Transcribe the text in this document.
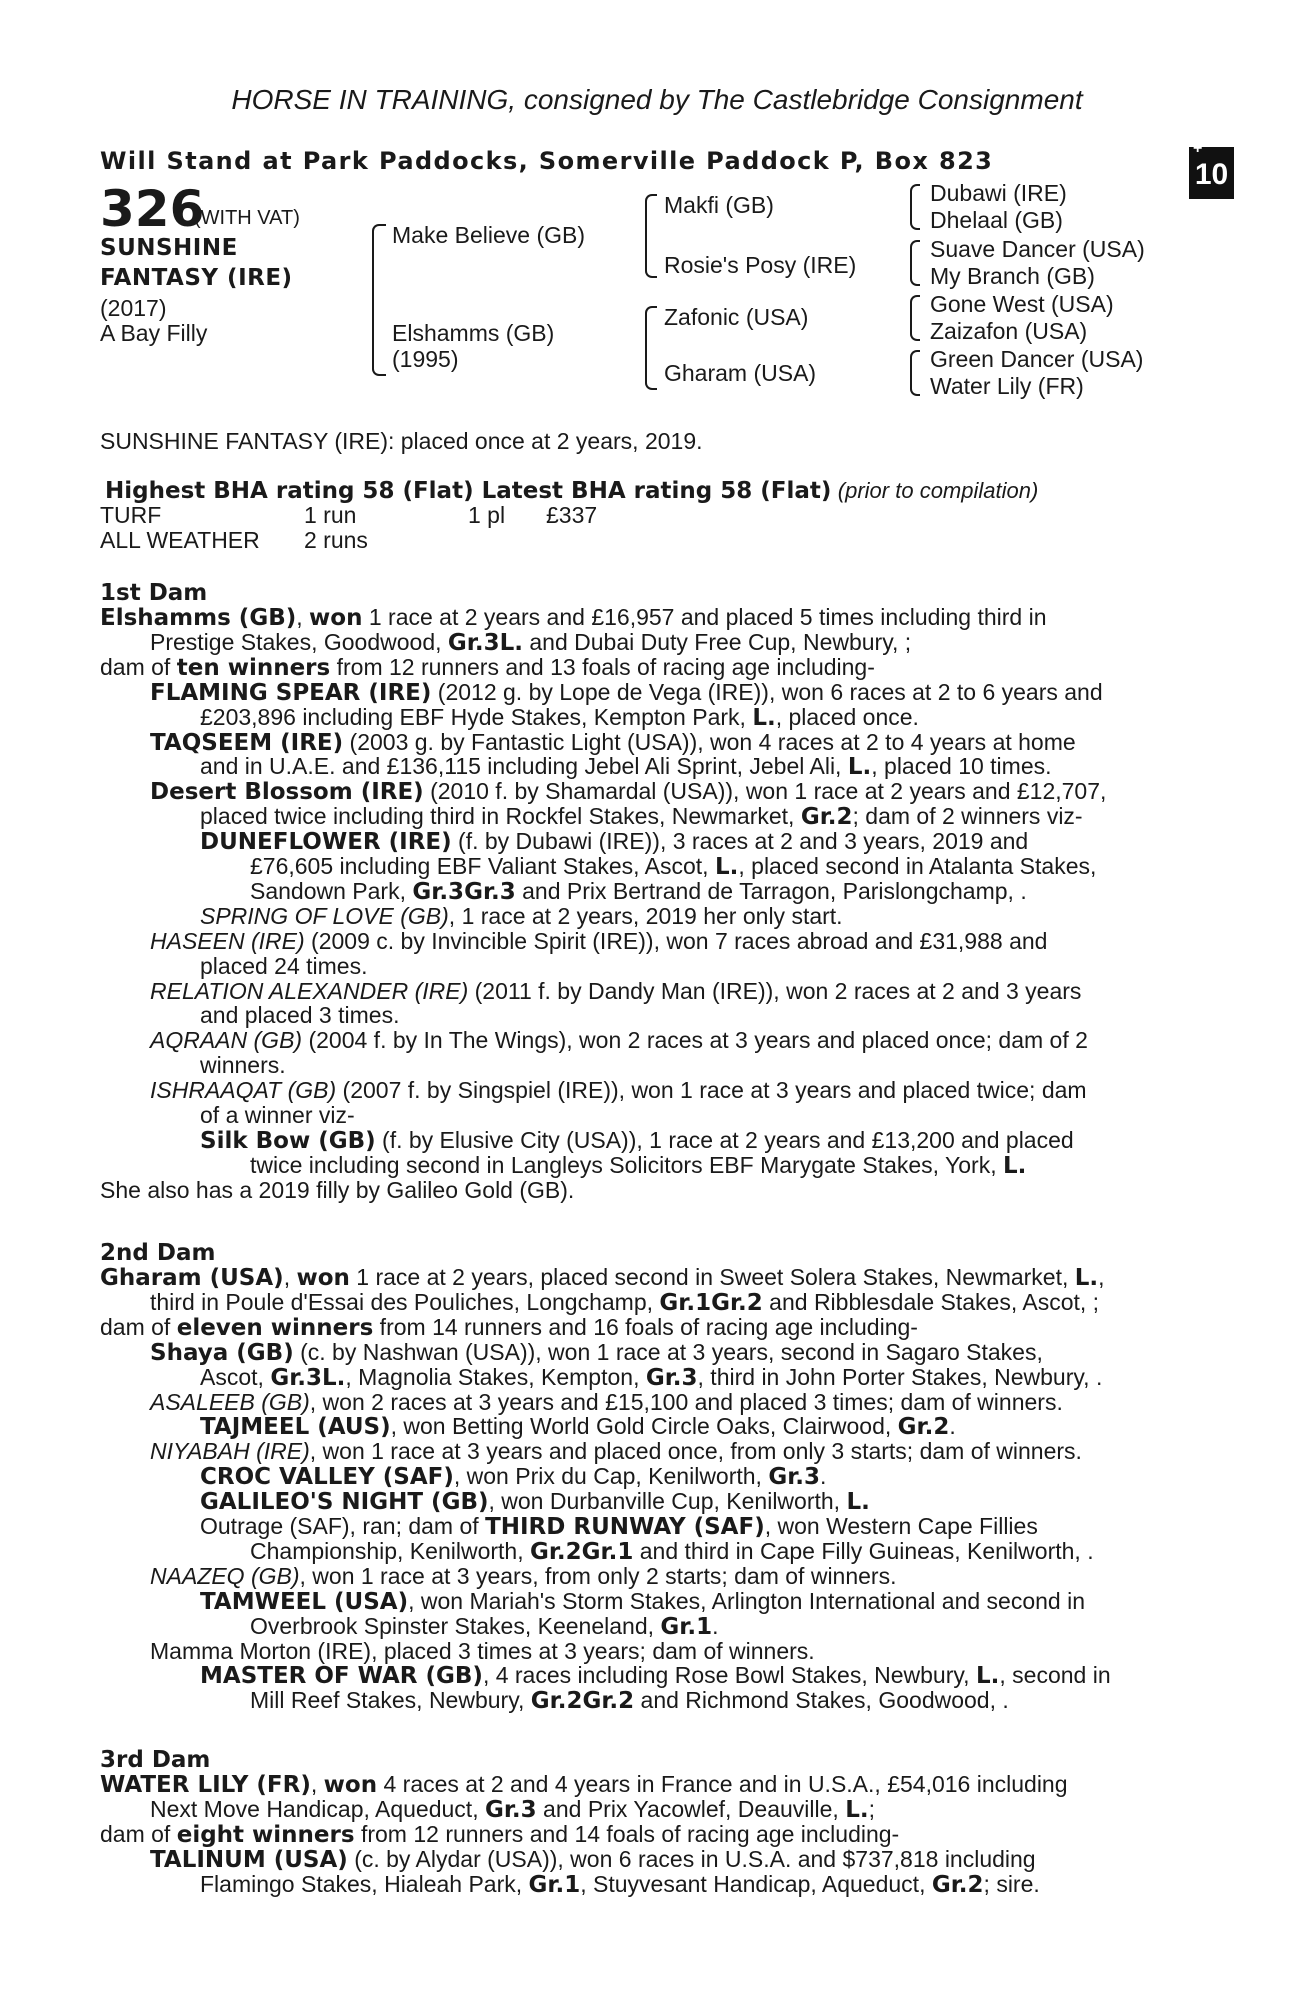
HORSE IN TRAINING, consigned by The Castlebridge Consignment
Will Stand at Park Paddocks, Somerville Paddock P, Box 823	+
10
326
(WITH VAT)
SUNSHINE
FANTASY (IRE)
(2017)
A Bay Filly
Make Believe (GB)
Elshamms (GB)
(1995)
Makfi (GB)
Rosie's Posy (IRE)
Zafonic (USA)
Gharam (USA)
Dubawi (IRE)
Dhelaal (GB)
Suave Dancer (USA)
My Branch (GB)
Gone West (USA)
Zaizafon (USA)
Green Dancer (USA)
Water Lily (FR)
SUNSHINE FANTASY (IRE): placed once at 2 years, 2019.
Highest BHA rating 58 (Flat) Latest BHA rating 58 (Flat) (prior to compilation)
TURF	1 run	1 pl £337
ALL WEATHER 2 runs
1st Dam
Elshamms (GB), won 1 race at 2 years and £16,957 and placed 5 times including third in
Prestige Stakes, Goodwood, Gr.3L. and Dubai Duty Free Cup, Newbury, ;
dam of ten winners from 12 runners and 13 foals of racing age including-
FLAMING SPEAR (IRE) (2012 g. by Lope de Vega (IRE)), won 6 races at 2 to 6 years and
£203,896 including EBF Hyde Stakes, Kempton Park, L., placed once.
TAQSEEM (IRE) (2003 g. by Fantastic Light (USA)), won 4 races at 2 to 4 years at home
and in U.A.E. and £136,115 including Jebel Ali Sprint, Jebel Ali, L., placed 10 times.
Desert Blossom (IRE) (2010 f. by Shamardal (USA)), won 1 race at 2 years and £12,707,
placed twice including third in Rockfel Stakes, Newmarket, Gr.2; dam of 2 winners viz-
DUNEFLOWER (IRE) (f. by Dubawi (IRE)), 3 races at 2 and 3 years, 2019 and
£76,605 including EBF Valiant Stakes, Ascot, L., placed second in Atalanta Stakes,
Sandown Park, Gr.3Gr.3 and Prix Bertrand de Tarragon, Parislongchamp, .
SPRING OF LOVE (GB), 1 race at 2 years, 2019 her only start.
HASEEN (IRE) (2009 c. by Invincible Spirit (IRE)), won 7 races abroad and £31,988 and
placed 24 times.
RELATION ALEXANDER (IRE) (2011 f. by Dandy Man (IRE)), won 2 races at 2 and 3 years
and placed 3 times.
AQRAAN (GB) (2004 f. by In The Wings), won 2 races at 3 years and placed once; dam of 2
winners.
ISHRAAQAT (GB) (2007 f. by Singspiel (IRE)), won 1 race at 3 years and placed twice; dam
of a winner viz-
Silk Bow (GB) (f. by Elusive City (USA)), 1 race at 2 years and £13,200 and placed
twice including second in Langleys Solicitors EBF Marygate Stakes, York, L.
She also has a 2019 filly by Galileo Gold (GB).
2nd Dam
Gharam (USA), won 1 race at 2 years, placed second in Sweet Solera Stakes, Newmarket, L.,
third in Poule d'Essai des Pouliches, Longchamp, Gr.1Gr.2 and Ribblesdale Stakes, Ascot, ;
dam of eleven winners from 14 runners and 16 foals of racing age including-
Shaya (GB) (c. by Nashwan (USA)), won 1 race at 3 years, second in Sagaro Stakes,
Ascot, Gr.3L., Magnolia Stakes, Kempton, Gr.3, third in John Porter Stakes, Newbury, .
ASALEEB (GB), won 2 races at 3 years and £15,100 and placed 3 times; dam of winners.
TAJMEEL (AUS), won Betting World Gold Circle Oaks, Clairwood, Gr.2.
NIYABAH (IRE), won 1 race at 3 years and placed once, from only 3 starts; dam of winners.
CROC VALLEY (SAF), won Prix du Cap, Kenilworth, Gr.3.
GALILEO'S NIGHT (GB), won Durbanville Cup, Kenilworth, L.
Outrage (SAF), ran; dam of THIRD RUNWAY (SAF), won Western Cape Fillies
Championship, Kenilworth, Gr.2Gr.1 and third in Cape Filly Guineas, Kenilworth, .
NAAZEQ (GB), won 1 race at 3 years, from only 2 starts; dam of winners.
TAMWEEL (USA), won Mariah's Storm Stakes, Arlington International and second in
Overbrook Spinster Stakes, Keeneland, Gr.1.
Mamma Morton (IRE), placed 3 times at 3 years; dam of winners.
MASTER OF WAR (GB), 4 races including Rose Bowl Stakes, Newbury, L., second in
Mill Reef Stakes, Newbury, Gr.2Gr.2 and Richmond Stakes, Goodwood, .
3rd Dam
WATER LILY (FR), won 4 races at 2 and 4 years in France and in U.S.A., £54,016 including
Next Move Handicap, Aqueduct, Gr.3 and Prix Yacowlef, Deauville, L.;
dam of eight winners from 12 runners and 14 foals of racing age including-
TALINUM (USA) (c. by Alydar (USA)), won 6 races in U.S.A. and $737,818 including
Flamingo Stakes, Hialeah Park, Gr.1, Stuyvesant Handicap, Aqueduct, Gr.2; sire.
